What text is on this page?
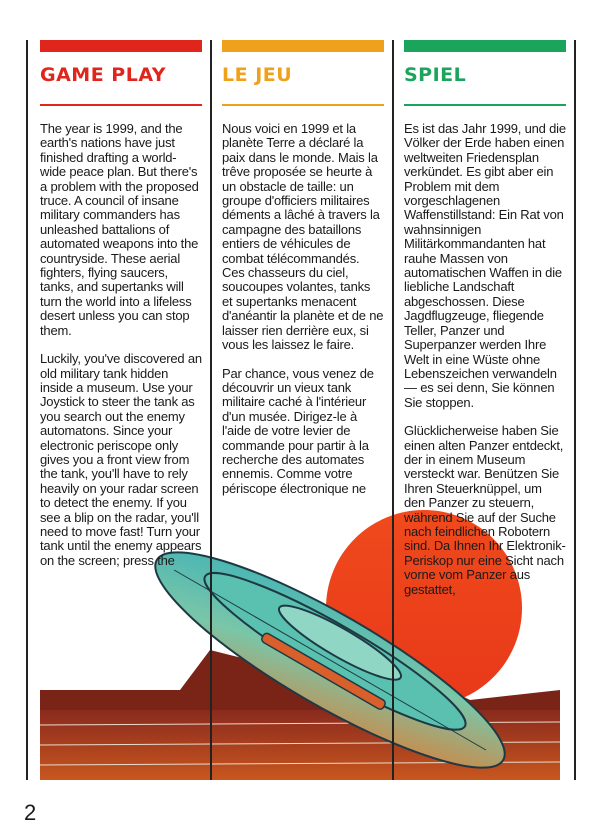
GAME PLAY

The year is 1999, and the earth's nations have just finished drafting a world-wide peace plan. But there's a problem with the proposed truce. A council of insane military commanders has unleashed battalions of automated weapons into the countryside. These aerial fighters, flying saucers, tanks, and supertanks will turn the world into a lifeless desert unless you can stop them.

Luckily, you've discovered an old military tank hidden inside a museum. Use your Joystick to steer the tank as you search out the enemy automatons. Since your electronic periscope only gives you a front view from the tank, you'll have to rely heavily on your radar screen to detect the enemy. If you see a blip on the radar, you'll need to move fast! Turn your tank until the enemy appears on the screen; press the

LE JEU

Nous voici en 1999 et la planète Terre a déclaré la paix dans le monde. Mais la trêve proposée se heurte à un obstacle de taille: un groupe d'officiers militaires déments a lâché à travers la campagne des bataillons entiers de véhicules de combat télécommandés. Ces chasseurs du ciel, soucoupes volantes, tanks et supertanks menacent d'anéantir la planète et de ne laisser rien derrière eux, si vous les laissez le faire.

Par chance, vous venez de découvrir un vieux tank militaire caché à l'intérieur d'un musée. Dirigez-le à l'aide de votre levier de commande pour partir à la recherche des automates ennemis. Comme votre périscope électronique ne

SPIEL

Es ist das Jahr 1999, und die Völker der Erde haben einen weltweiten Friedensplan verkündet. Es gibt aber ein Problem mit dem vorgeschlagenen Waffenstillstand: Ein Rat von wahnsinnigen Militärkommandanten hat rauhe Massen von automatischen Waffen in die liebliche Landschaft abgeschossen. Diese Jagdflugzeuge, fliegende Teller, Panzer und Superpanzer werden Ihre Welt in eine Wüste ohne Lebenszeichen verwandeln— es sei denn, Sie können Sie stoppen.

Glücklicherweise haben Sie einen alten Panzer entdeckt, der in einem Museum versteckt war. Benützen Sie Ihren Steuerknüppel, um den Panzer zu steuern, während Sie auf der Suche nach feindlichen Robotern sind. Da Ihnen Ihr Elektronik-Periskop nur eine Sicht nach vorne vom Panzer aus gestattet,

2
